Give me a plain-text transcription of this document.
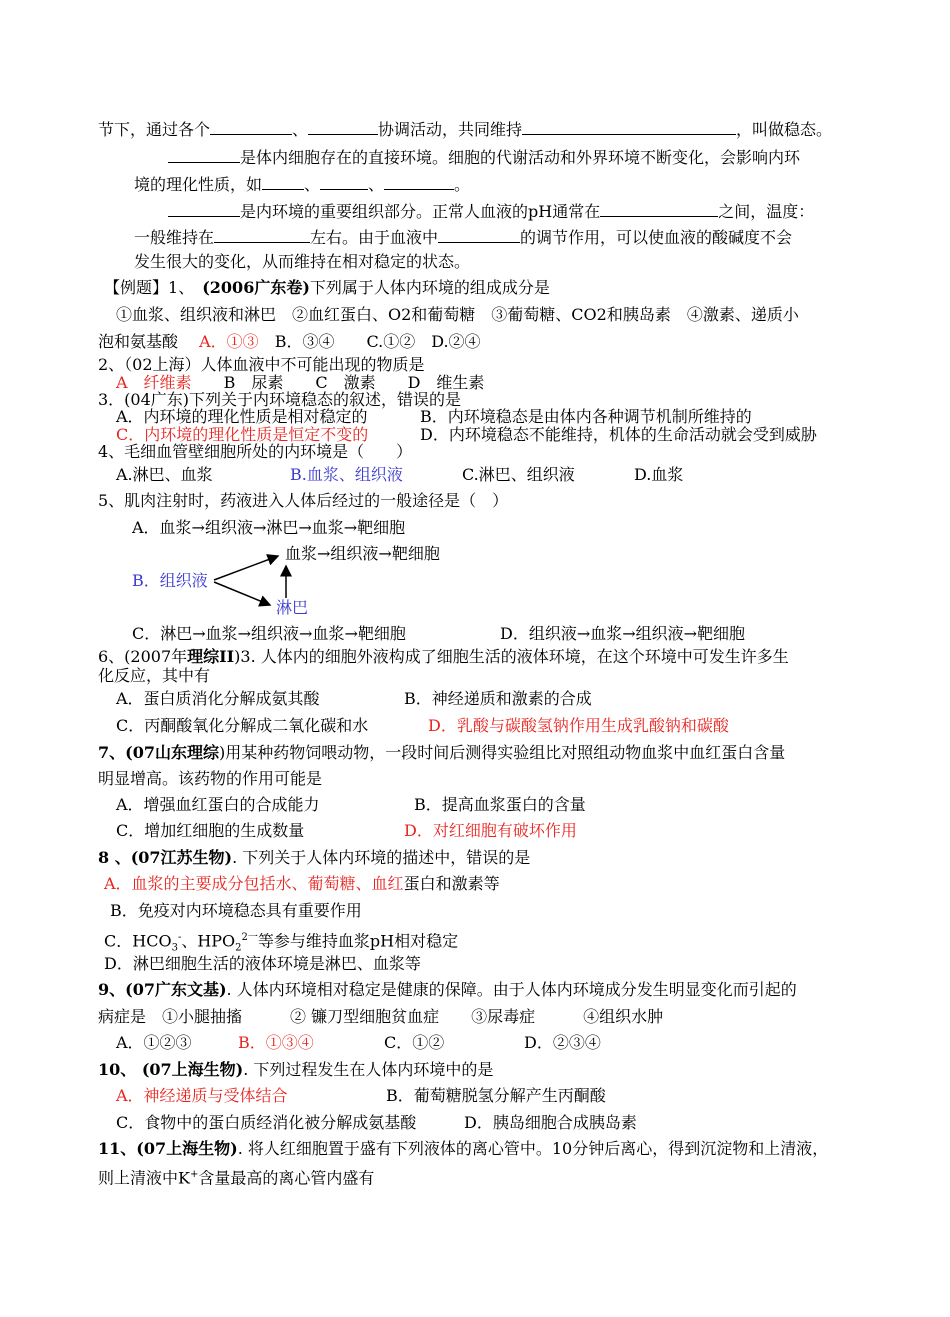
节下，通过各个	、	协调活动，共同维持	，叫做稳态。
是体内细胞存在的直接环境。细胞的代谢活动和外界环境不断变化，会影响内环
境的理化性质，如	、	、	。
是内环境的重要组织部分。正常人血液的pH通常在	之间，温度：
一般维持在	左右。由于血液中	的调节作用，可以使血液的酸碱度不会
发生很大的变化，从而维持在相对稳定的状态。
【例题】1、　 (2006广东卷)下列属于人体内环境的组成成分是
①血浆、组织液和淋巴　②血红蛋白、O2和葡萄糖　③葡萄糖、CO2和胰岛素　④激素、递质小
泡和氨基酸　 A．①③　 B．③④　　C.①②　D.②④
2、（02上海）人体血液中不可能出现的物质是
A　纤维素　　 B　尿素　　C　激素　　D　维生素
3．(04广东)下列关于内环境稳态的叙述，错误的是
A．内环境的理化性质是相对稳定的	B．内环境稳态是由体内各种调节机制所维持的
C．内环境的理化性质是恒定不变的	D．内环境稳态不能维持，机体的生命活动就会受到威胁
4、毛细血管壁细胞所处的内环境是（　　）
A.淋巴、血浆	B.血浆、组织液	C.淋巴、组织液	D.血浆
5、肌肉注射时，药液进入人体后经过的一般途径是（　）
A．血浆→组织液→淋巴→血浆→靶细胞
血浆→组织液→靶细胞
B．组织液
淋巴
C．淋巴→血浆→组织液→血浆→靶细胞	D．组织液→血浆→组织液→靶细胞
6、(2007年理综II)3. 人体内的细胞外液构成了细胞生活的液体环境，在这个环境中可发生许多生
化反应，其中有
A．蛋白质消化分解成氨其酸	B．神经递质和激素的合成
C．丙酮酸氧化分解成二氧化碳和水	D．乳酸与碳酸氢钠作用生成乳酸钠和碳酸
7、(07山东理综)用某种药物饲喂动物，一段时间后测得实验组比对照组动物血浆中血红蛋白含量
明显增高。该药物的作用可能是
A．增强血红蛋白的合成能力	B．提高血浆蛋白的含量
C．增加红细胞的生成数量	D．对红细胞有破坏作用
8 、(07江苏生物). 下列关于人体内环境的描述中，错误的是
A．血浆的主要成分包括水、葡萄糖、血红蛋白和激素等
B．免疫对内环境稳态具有重要作用
C．$HCO_3^-$、$HPO_2^{2一}$等参与维持血浆pH相对稳定
D．淋巴细胞生活的液体环境是淋巴、血浆等
9、(07广东文基). 人体内环境相对稳定是健康的保障。由于人体内环境成分发生明显变化而引起的
病症是　①小腿抽搐　　　② 镰刀型细胞贫血症　　③尿毒症　　　④组织水肿
A．①②③	B．①③④	C．①②	D．②③④
10、 (07上海生物). 下列过程发生在人体内环境中的是
A．神经递质与受体结合	B．葡萄糖脱氢分解产生丙酮酸
C．食物中的蛋白质经消化被分解成氨基酸	D．胰岛细胞合成胰岛素
11、(07上海生物). 将人红细胞置于盛有下列液体的离心管中。10分钟后离心，得到沉淀物和上清液，
则上清液中K+含量最高的离心管内盛有
